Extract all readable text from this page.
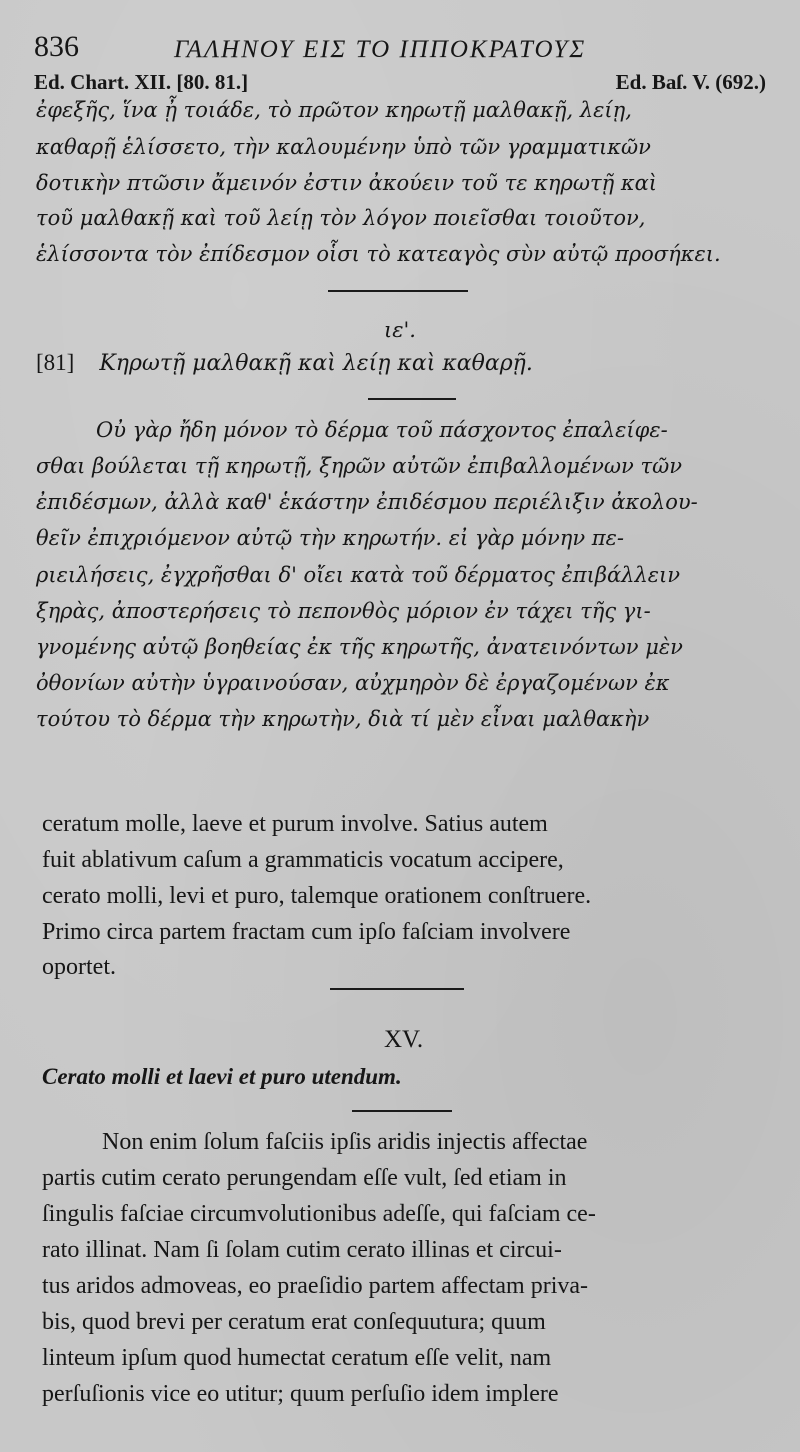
836	ΓΑΛΗΝΟΥ ΕΙΣ ΤΟ ΙΠΠΟΚΡΑΤΟΥΣ
Ed. Chart. XII. [80. 81.]	Ed. Baſ. V. (692.)
ἐφεξῆς, ἵνα ᾖ τοιάδε, τὸ πρῶτον κηρωτῇ μαλθακῇ, λείῃ,
καθαρῇ ἑλίσσετο, τὴν καλουμένην ὑπὸ τῶν γραμματικῶν
δοτικὴν πτῶσιν ἄμεινόν ἐστιν ἀκούειν τοῦ τε κηρωτῇ καὶ
τοῦ μαλθακῇ καὶ τοῦ λείῃ τὸν λόγον ποιεῖσθαι τοιοῦτον,
ἑλίσσοντα τὸν ἐπίδεσμον οἷσι τὸ κατεαγὸς σὺν αὐτῷ προσήκει.
ιε'.
[81] Κηρωτῇ μαλθακῇ καὶ λείῃ καὶ καθαρῇ.
Οὐ γὰρ ἤδη μόνον τὸ δέρμα τοῦ πάσχοντος ἐπαλείφε-
σθαι βούλεται τῇ κηρωτῇ, ξηρῶν αὐτῶν ἐπιβαλλομένων τῶν
ἐπιδέσμων, ἀλλὰ καθ' ἑκάστην ἐπιδέσμου περιέλιξιν ἀκολου-
θεῖν ἐπιχριόμενον αὐτῷ τὴν κηρωτήν. εἰ γὰρ μόνην πε-
ριειλήσεις, ἐγχρῆσθαι δ' οἴει κατὰ τοῦ δέρματος ἐπιβάλλειν
ξηρὰς, ἀποστερήσεις τὸ πεπονθὸς μόριον ἐν τάχει τῆς γι-
γνομένης αὐτῷ βοηθείας ἐκ τῆς κηρωτῆς, ἀνατεινόντων μὲν
ὀθονίων αὐτὴν ὑγραινούσαν, αὐχμηρὸν δὲ ἐργαζομένων ἐκ
τούτου τὸ δέρμα τὴν κηρωτὴν, διὰ τί μὲν εἶναι μαλθακὴν
ceratum molle, laeve et purum involve. Satius autem
fuit ablativum caſum a grammaticis vocatum accipere,
cerato molli, levi et puro, talemque orationem conſtruere.
Primo circa partem fractam cum ipſo faſciam involvere
oportet.
XV.
Cerato molli et laevi et puro utendum.
Non enim ſolum faſciis ipſis aridis injectis affectae
partis cutim cerato perungendam eſſe vult, ſed etiam in
ſingulis faſciae circumvolutionibus adeſſe, qui faſciam ce-
rato illinat. Nam ſi ſolam cutim cerato illinas et circui-
tus aridos admoveas, eo praeſidio partem affectam priva-
bis, quod brevi per ceratum erat conſequutura; quum
linteum ipſum quod humectat ceratum eſſe velit, nam
perſuſionis vice eo utitur; quum perſuſio idem implere
